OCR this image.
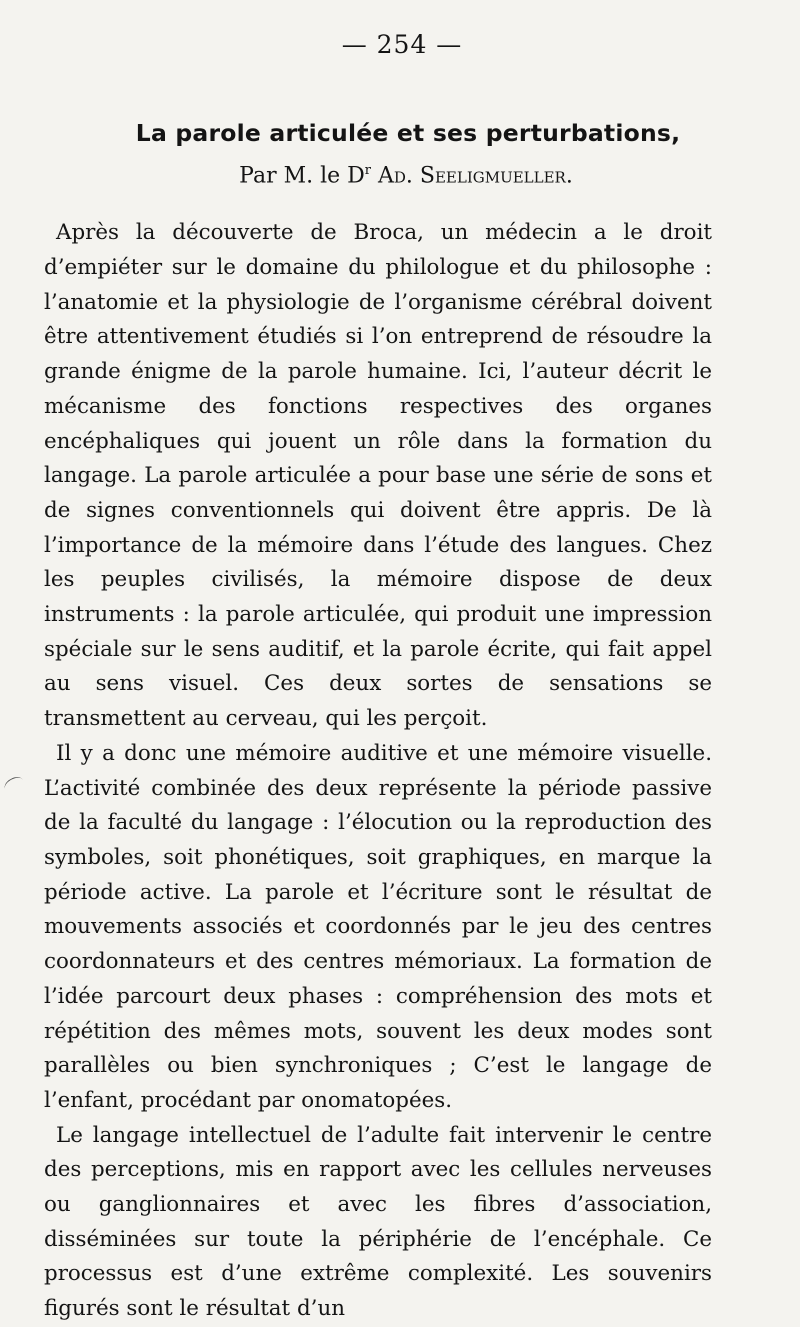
— 254 —
La parole articulée et ses perturbations,
Par M. le $D^r$ Ad. Seeligmueller.

Après la découverte de Broca, un médecin a le droit d’empiéter sur le domaine du philologue et du philosophe : l’anatomie et la physiologie de l’organisme cérébral doivent être attentivement étudiés si l’on entreprend de résoudre la grande énigme de la parole humaine. Ici, l’auteur décrit le mécanisme des fonctions respectives des organes encéphaliques qui jouent un rôle dans la formation du langage. La parole articulée a pour base une série de sons et de signes conventionnels qui doivent être appris. De là l’importance de la mémoire dans l’étude des langues. Chez les peuples civilisés, la mémoire dispose de deux instruments : la parole articulée, qui produit une impression spéciale sur le sens auditif, et la parole écrite, qui fait appel au sens visuel. Ces deux sortes de sensations se transmettent au cerveau, qui les perçoit.

Il y a donc une mémoire auditive et une mémoire visuelle. L’activité combinée des deux représente la période passive de la faculté du langage : l’élocution ou la reproduction des symboles, soit phonétiques, soit graphiques, en marque la période active. La parole et l’écriture sont le résultat de mouvements associés et coordonnés par le jeu des centres coordonnateurs et des centres mémoriaux. La formation de l’idée parcourt deux phases : compréhension des mots et répétition des mêmes mots, souvent les deux modes sont parallèles ou bien synchroniques ; C’est le langage de l’enfant, procédant par onomatopées.

Le langage intellectuel de l’adulte fait intervenir le centre des perceptions, mis en rapport avec les cellules nerveuses ou ganglionnaires et avec les fibres d’association, disséminées sur toute la périphérie de l’encéphale. Ce processus est d’une extrême complexité. Les souvenirs figurés sont le résultat d’un
